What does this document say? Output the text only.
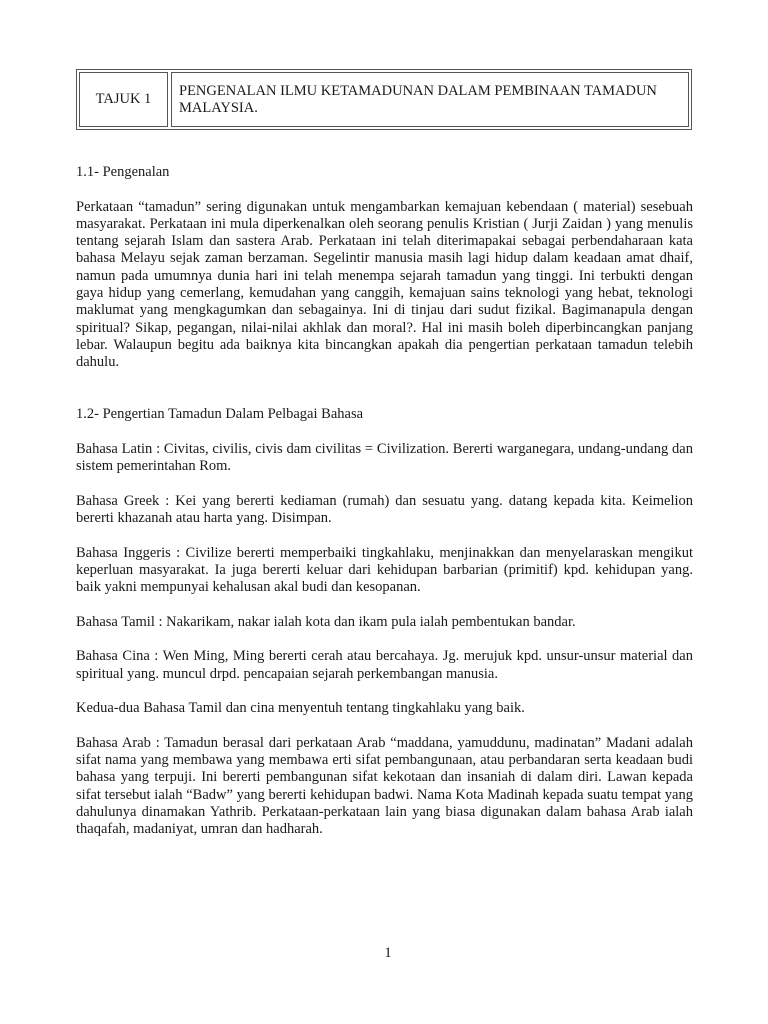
TAJUK 1	PENGENALAN ILMU KETAMADUNAN DALAM PEMBINAAN TAMADUN MALAYSIA.

1.1- Pengenalan

Perkataan “tamadun” sering digunakan untuk mengambarkan kemajuan kebendaan ( material) sesebuah masyarakat. Perkataan ini mula diperkenalkan oleh seorang penulis Kristian ( Jurji Zaidan ) yang menulis tentang sejarah Islam dan sastera Arab. Perkataan ini telah diterimapakai sebagai perbendaharaan kata bahasa Melayu sejak zaman berzaman. Segelintir manusia masih lagi hidup dalam keadaan amat dhaif, namun pada umumnya dunia hari ini telah menempa sejarah tamadun yang tinggi. Ini terbukti dengan gaya hidup yang cemerlang, kemudahan yang canggih, kemajuan sains teknologi yang hebat, teknologi maklumat yang mengkagumkan dan sebagainya. Ini di tinjau dari sudut fizikal. Bagimanapula dengan spiritual? Sikap, pegangan, nilai-nilai akhlak dan moral?. Hal ini masih boleh diperbincangkan panjang lebar. Walaupun begitu ada baiknya kita bincangkan apakah dia pengertian perkataan tamadun telebih dahulu.

1.2- Pengertian Tamadun Dalam Pelbagai Bahasa

Bahasa Latin : Civitas, civilis, civis dam civilitas = Civilization. Bererti warganegara, undang-undang dan sistem pemerintahan Rom.

Bahasa Greek : Kei yang bererti kediaman (rumah) dan sesuatu yang. datang kepada kita. Keimelion bererti khazanah atau harta yang. Disimpan.

Bahasa Inggeris : Civilize bererti memperbaiki tingkahlaku, menjinakkan dan menyelaraskan mengikut keperluan masyarakat. Ia juga bererti keluar dari kehidupan barbarian (primitif) kpd. kehidupan yang. baik yakni mempunyai kehalusan akal budi dan kesopanan.

Bahasa Tamil : Nakarikam, nakar ialah kota dan ikam pula ialah pembentukan bandar.

Bahasa Cina : Wen Ming, Ming bererti cerah atau bercahaya. Jg. merujuk kpd. unsur-unsur material dan spiritual yang. muncul drpd. pencapaian sejarah perkembangan manusia.

Kedua-dua Bahasa Tamil dan cina menyentuh tentang tingkahlaku yang baik.

Bahasa Arab : Tamadun berasal dari perkataan Arab “maddana, yamuddunu, madinatan” Madani adalah sifat nama yang membawa yang membawa erti sifat pembangunaan, atau perbandaran serta keadaan budi bahasa yang terpuji. Ini bererti pembangunan sifat kekotaan dan insaniah di dalam diri. Lawan kepada sifat tersebut ialah “Badw” yang bererti kehidupan badwi. Nama Kota Madinah kepada suatu tempat yang dahulunya dinamakan Yathrib. Perkataan-perkataan lain yang biasa digunakan dalam bahasa Arab ialah thaqafah, madaniyat, umran dan hadharah.

1
